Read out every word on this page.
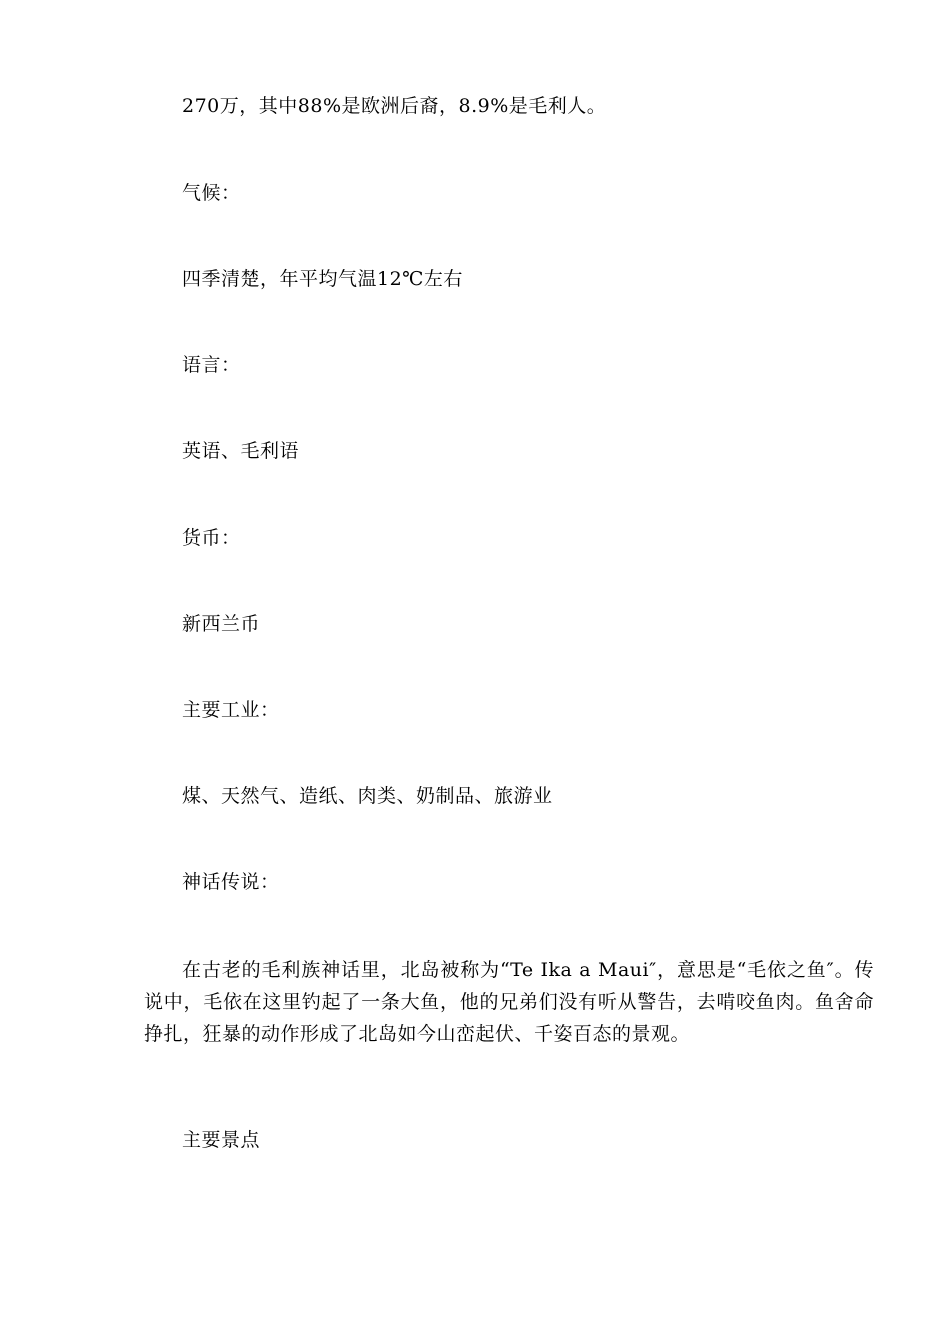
270万，其中88%是欧洲后裔，8.9%是毛利人。
气候：
四季清楚，年平均气温12℃左右
语言：
英语、毛利语
货币：
新西兰币
主要工业：
煤、天然气、造纸、肉类、奶制品、旅游业
神话传说：
在古老的毛利族神话里，北岛被称为“Te Ika a Maui″，意思是“毛依之鱼″。传说中，毛依在这里钓起了一条大鱼，他的兄弟们没有听从警告，去啃咬鱼肉。鱼舍命挣扎，狂暴的动作形成了北岛如今山峦起伏、千姿百态的景观。
主要景点
